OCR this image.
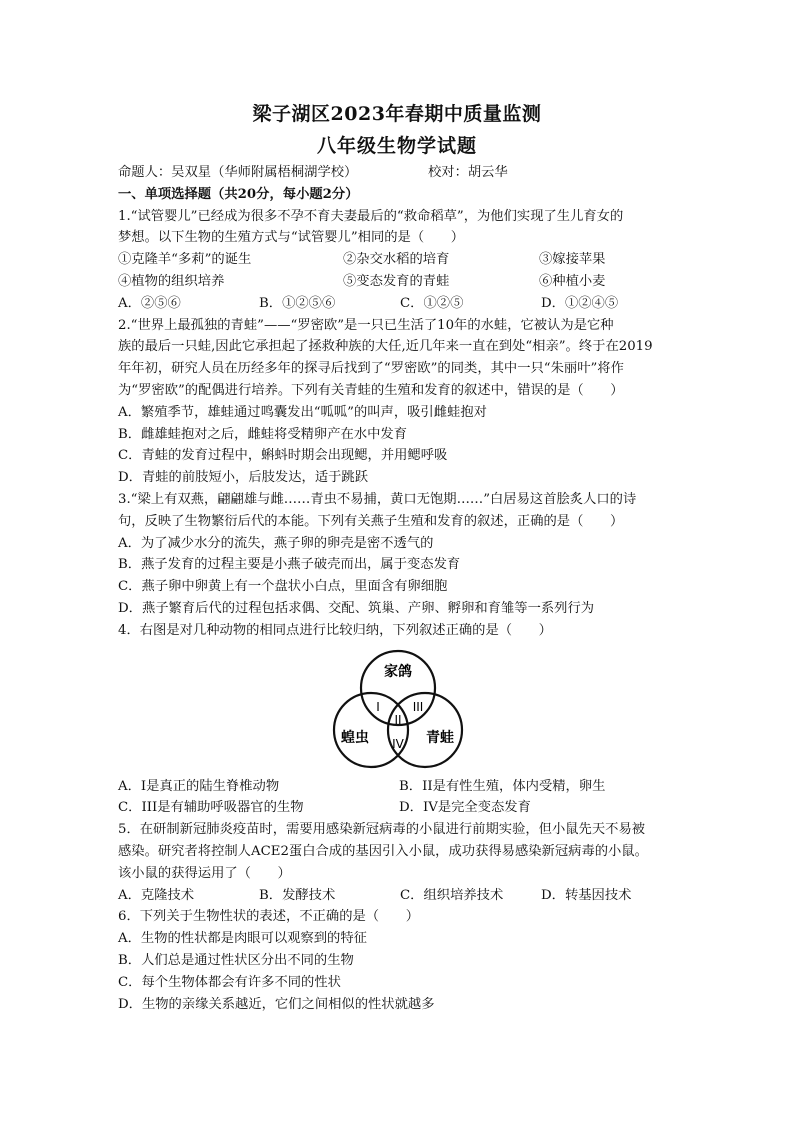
梁子湖区2023年春期中质量监测
八年级生物学试题
命题人：吴双星（华师附属梧桐湖学校）	校对：胡云华
一、单项选择题（共20分，每小题2分）
1.“试管婴儿”已经成为很多不孕不育夫妻最后的“救命稻草”，为他们实现了生儿育女的
梦想。以下生物的生殖方式与“试管婴儿”相同的是（　　）
①克隆羊“多莉”的诞生	②杂交水稻的培育	③嫁接苹果
④植物的组织培养	⑤变态发育的青蛙	⑥种植小麦
A．②⑤⑥	B．①②⑤⑥	C．①②⑤	D．①②④⑤
2.“世界上最孤独的青蛙”——“罗密欧”是一只已生活了10年的水蛙，它被认为是它种
族的最后一只蛙,因此它承担起了拯救种族的大任,近几年来一直在到处“相亲”。终于在2019
年年初，研究人员在历经多年的探寻后找到了“罗密欧”的同类，其中一只“朱丽叶”将作
为“罗密欧”的配偶进行培养。下列有关青蛙的生殖和发育的叙述中，错误的是（　　）
A．繁殖季节，雄蛙通过鸣囊发出“呱呱”的叫声，吸引雌蛙抱对
B．雌雄蛙抱对之后，雌蛙将受精卵产在水中发育
C．青蛙的发育过程中，蝌蚪时期会出现鳃，并用鳃呼吸
D．青蛙的前肢短小，后肢发达，适于跳跃
3.“梁上有双燕，翩翩雄与雌……青虫不易捕，黄口无饱期……”白居易这首脍炙人口的诗
句，反映了生物繁衍后代的本能。下列有关燕子生殖和发育的叙述，正确的是（　　）
A．为了减少水分的流失，燕子卵的卵壳是密不透气的
B．燕子发育的过程主要是小燕子破壳而出，属于变态发育
C．燕子卵中卵黄上有一个盘状小白点，里面含有卵细胞
D．燕子繁育后代的过程包括求偶、交配、筑巢、产卵、孵卵和育雏等一系列行为
4．右图是对几种动物的相同点进行比较归纳，下列叙述正确的是（　　）
家鸽
蝗虫	青蛙
I
II
III
IV
A．I是真正的陆生脊椎动物	B．II是有性生殖，体内受精，卵生
C．III是有辅助呼吸器官的生物	D．IV是完全变态发育
5．在研制新冠肺炎疫苗时，需要用感染新冠病毒的小鼠进行前期实验，但小鼠先天不易被
感染。研究者将控制人ACE2蛋白合成的基因引入小鼠，成功获得易感染新冠病毒的小鼠。
该小鼠的获得运用了（　　）
A．克隆技术	B．发酵技术	C．组织培养技术	D．转基因技术
6．下列关于生物性状的表述，不正确的是（　　）
A．生物的性状都是肉眼可以观察到的特征
B．人们总是通过性状区分出不同的生物
C．每个生物体都会有许多不同的性状
D．生物的亲缘关系越近，它们之间相似的性状就越多
